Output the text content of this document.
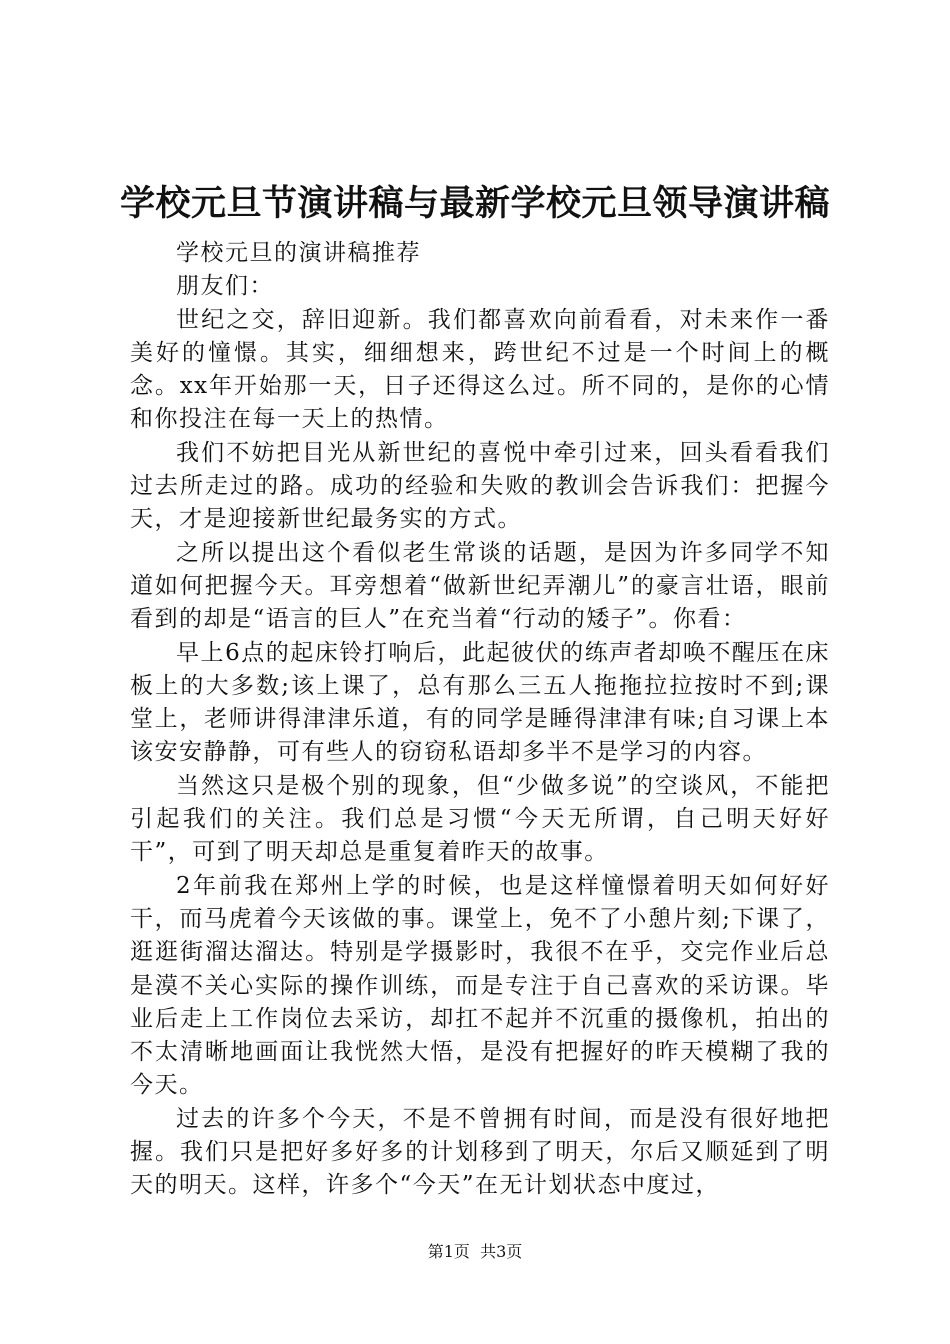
学校元旦节演讲稿与最新学校元旦领导演讲稿

学校元旦的演讲稿推荐

朋友们：

世纪之交，辞旧迎新。我们都喜欢向前看看，对未来作一番美好的憧憬。其实，细细想来，跨世纪不过是一个时间上的概念。xx年开始那一天，日子还得这么过。所不同的，是你的心情和你投注在每一天上的热情。

我们不妨把目光从新世纪的喜悦中牵引过来，回头看看我们过去所走过的路。成功的经验和失败的教训会告诉我们：把握今天，才是迎接新世纪最务实的方式。

之所以提出这个看似老生常谈的话题，是因为许多同学不知道如何把握今天。耳旁想着“做新世纪弄潮儿”的豪言壮语，眼前看到的却是“语言的巨人”在充当着“行动的矮子”。你看：

早上6点的起床铃打响后，此起彼伏的练声者却唤不醒压在床板上的大多数;该上课了，总有那么三五人拖拖拉拉按时不到;课堂上，老师讲得津津乐道，有的同学是睡得津津有味;自习课上本该安安静静，可有些人的窃窃私语却多半不是学习的内容。

当然这只是极个别的现象，但“少做多说”的空谈风，不能把引起我们的关注。我们总是习惯“今天无所谓，自己明天好好干”，可到了明天却总是重复着昨天的故事。

2年前我在郑州上学的时候，也是这样憧憬着明天如何好好干，而马虎着今天该做的事。课堂上，免不了小憩片刻;下课了，逛逛街溜达溜达。特别是学摄影时，我很不在乎，交完作业后总是漠不关心实际的操作训练，而是专注于自己喜欢的采访课。毕业后走上工作岗位去采访，却扛不起并不沉重的摄像机，拍出的不太清晰地画面让我恍然大悟，是没有把握好的昨天模糊了我的今天。

过去的许多个今天，不是不曾拥有时间，而是没有很好地把握。我们只是把好多好多的计划移到了明天，尔后又顺延到了明天的明天。这样，许多个“今天”在无计划状态中度过，

第1页 共3页
